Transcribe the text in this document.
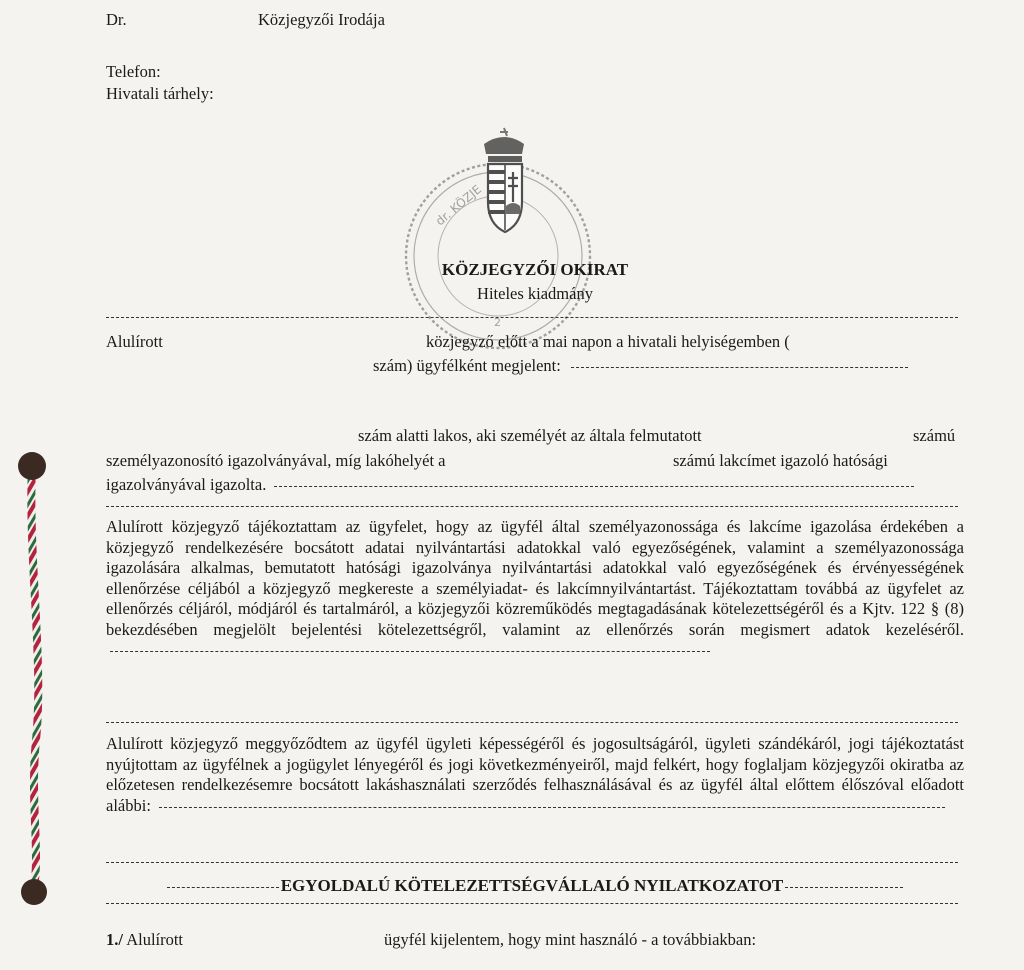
Dr.	Közjegyzői Irodája
Telefon:
Hivatali tárhely:
dr. KÖZJE
2
KÖZJEGYZŐI OKIRAT
Hiteles kiadmány
Alulírott	közjegyző előtt a mai napon a hivatali helyiségemben (
szám) ügyfélként megjelent:
szám alatti lakos, aki személyét az általa felmutatott	számú
személyazonosító igazolványával, míg lakóhelyét a	számú lakcímet igazoló hatósági
igazolványával igazolta.
Alulírott közjegyző tájékoztattam az ügyfelet, hogy az ügyfél által személyazonossága és lakcíme igazolása érdekében a közjegyző rendelkezésére bocsátott adatai nyilvántartási adatokkal való egyezőségének, valamint a személyazonossága igazolására alkalmas, bemutatott hatósági igazolványa nyilvántartási adatokkal való egyezőségének és érvényességének ellenőrzése céljából a közjegyző megkereste a személyiadat- és lakcímnyilvántartást. Tájékoztattam továbbá az ügyfelet az ellenőrzés céljáról, módjáról és tartalmáról, a közjegyzői közreműködés megtagadásának kötelezettségéről és a Kjtv. 122 § (8) bekezdésében megjelölt bejelentési kötelezettségről, valamint az ellenőrzés során megismert adatok kezeléséről.
Alulírott közjegyző meggyőződtem az ügyfél ügyleti képességéről és jogosultságáról, ügyleti szándékáról, jogi tájékoztatást nyújtottam az ügyfélnek a jogügylet lényegéről és jogi következményeiről, majd felkért, hogy foglaljam közjegyzői okiratba az előzetesen rendelkezésemre bocsátott lakáshasználati szerződés felhasználásával és az ügyfél által előttem élőszóval előadott alábbi:
EGYOLDALÚ KÖTELEZETTSÉGVÁLLALÓ NYILATKOZATOT
1./ Alulírott	ügyfél kijelentem, hogy mint használó - a továbbiakban:
